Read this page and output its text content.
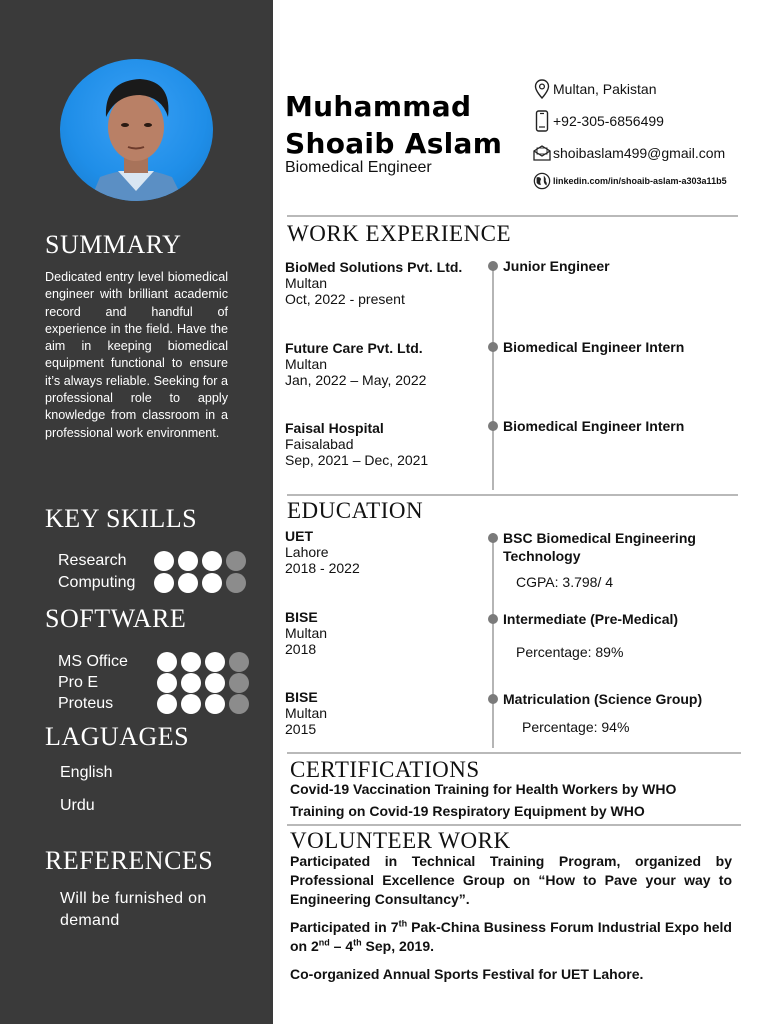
SUMMARY
Dedicated entry level biomedical engineer with brilliant academic record and handful of experience in the field. Have the aim in keeping biomedical equipment functional to ensure it’s always reliable. Seeking for a professional role to apply knowledge from classroom in a professional work environment.
KEY SKILLS
Research
Computing
SOFTWARE
MS Office
Pro E
Proteus
LAGUAGES
English
Urdu
REFERENCES
Will be furnished on demand
Muhammad
Shoaib Aslam
Biomedical Engineer
Multan, Pakistan
+92-305-6856499
shoibaslam499@gmail.com
linkedin.com/in/shoaib-aslam-a303a11b5
WORK EXPERIENCE
BioMed Solutions Pvt. Ltd.
Multan
Oct, 2022 - present
Junior Engineer
Future Care Pvt. Ltd.
Multan
Jan, 2022 – May, 2022
Biomedical Engineer Intern
Faisal Hospital
Faisalabad
Sep, 2021 – Dec, 2021
Biomedical Engineer Intern
EDUCATION
UET
Lahore
2018 - 2022
BSC Biomedical Engineering
Technology
CGPA: 3.798/ 4
BISE
Multan
2018
Intermediate (Pre-Medical)
Percentage: 89%
BISE
Multan
2015
Matriculation (Science Group)
Percentage: 94%
CERTIFICATIONS
Covid-19 Vaccination Training for Health Workers by WHO
Training on Covid-19 Respiratory Equipment by WHO
VOLUNTEER WORK
Participated in Technical Training Program, organized by Professional Excellence Group on “How to Pave your way to Engineering Consultancy”.
Participated in 7th Pak-China Business Forum Industrial Expo held on 2nd – 4th Sep, 2019.
Co-organized Annual Sports Festival for UET Lahore.
